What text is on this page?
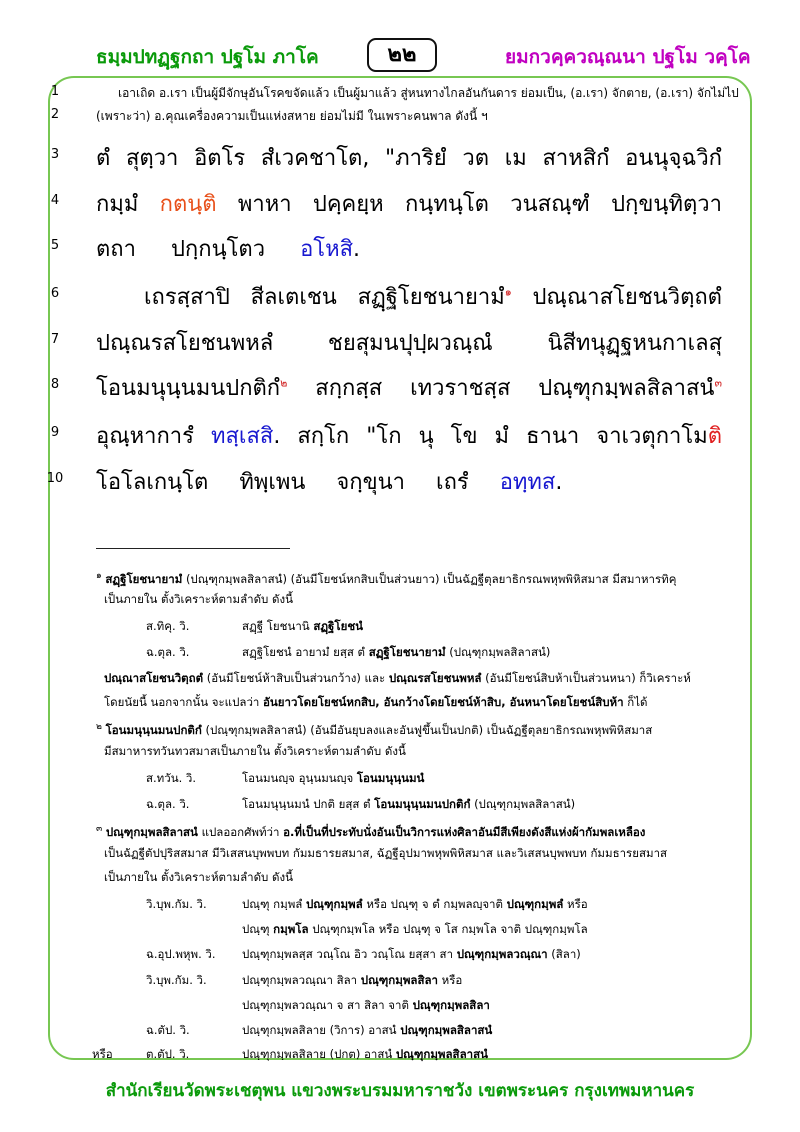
ธมฺมปทฏฺฐกถา ปฐโม ภาโค	๒๒	ยมกวคฺควณฺณนา ปฐโม วคฺโค
1
2
3
4
5
6
7
8
9
10
เอาเถิด อ.เรา เป็นผู้มีจักษุอันโรคขจัดแล้ว เป็นผู้มาแล้ว สู่หนทางไกลอันกันดาร ย่อมเป็น, (อ.เรา) จักตาย, (อ.เรา) จักไม่ไป
(เพราะว่า) อ.คุณเครื่องความเป็นแห่งสหาย ย่อมไม่มี ในเพราะคนพาล ดังนี้ ฯ
ตํ สุตฺวา อิตโร สํเวคชาโต, "ภาริยํ วต เม สาหสิกํ อนนุจฺฉวิกํ
กมฺมํ กตนฺติ พาหา ปคฺคยฺห กนฺทนฺโต วนสณฺฑํ ปกฺขนฺทิตฺวา
ตถา ปกฺกนฺโตว อโหสิ.
เถรสฺสาปิ สีลเตเชน สฏฺฐิโยชนายามํ$^๑$ ปณฺณาสโยชนวิตฺถตํ
ปณฺณรสโยชนพหลํ ชยสุมนปุปฺผวณฺณํ นิสีทนุฏฺฐหนกาเลสุ
โอนมนุนฺนมนปกติกํ$^๒$ สกฺกสฺส เทวราชสฺส ปณฺฑุกมฺพลสิลาสนํ$^๓$
อุณฺหาการํ ทสฺเสสิ. สกฺโก "โก นุ โข มํ ธานา จาเวตุกาโมติ
โอโลเกนฺโต ทิพฺเพน จกฺขุนา เถรํ อทฺทส.
$^๑$ สฏฺฐิโยชนายามํ (ปณฺฑุกมฺพลสิลาสนํ) (อันมีโยชน์หกสิบเป็นส่วนยาว) เป็นฉัฏฐีตุลยาธิกรณพหุพพิหิสมาส มีสมาหารทิคุ
เป็นภายใน ตั้งวิเคราะห์ตามลำดับ ดังนี้
ส.ทิคุ. วิ.	สฏฺฐี โยชนานิ สฏฺฐิโยชนํ
ฉ.ตุล. วิ.	สฏฺฐิโยชนํ อายามํ ยสฺส ตํ สฏฺฐิโยชนายามํ (ปณฺฑุกมฺพลสิลาสนํ)
ปณฺณาสโยชนวิตฺถตํ (อันมีโยชน์ห้าสิบเป็นส่วนกว้าง) และ ปณฺณรสโยชนพหลํ (อันมีโยชน์สิบห้าเป็นส่วนหนา) ก็วิเคราะห์
โดยนัยนี้ นอกจากนั้น จะแปลว่า อันยาวโดยโยชน์หกสิบ, อันกว้างโดยโยชน์ห้าสิบ, อันหนาโดยโยชน์สิบห้า ก็ได้
$^๒$ โอนมนุนฺนมนปกติกํ (ปณฺฑุกมฺพลสิลาสนํ) (อันมีอันยุบลงและอันฟูขึ้นเป็นปกติ) เป็นฉัฏฐีตุลยาธิกรณพหุพพิหิสมาส
มีสมาหารทวันทวสมาสเป็นภายใน ตั้งวิเคราะห์ตามลำดับ ดังนี้
ส.ทวัน. วิ.	โอนมนญฺจ อุนฺนมนญฺจ โอนมนุนฺนมนํ
ฉ.ตุล. วิ.	โอนมนุนฺนมนํ ปกติ ยสฺส ตํ โอนมนุนฺนมนปกติกํ (ปณฺฑุกมฺพลสิลาสนํ)
$^๓$ ปณฺฑุกมฺพลสิลาสนํ แปลออกศัพท์ว่า อ.ที่เป็นที่ประทับนั่งอันเป็นวิการแห่งศิลาอันมีสีเพียงดังสีแห่งผ้ากัมพลเหลือง
เป็นฉัฏฐีตัปปุริสสมาส มีวิเสสนบุพพบท กัมมธารยสมาส, ฉัฏฐีอุปมาพหุพพิหิสมาส และวิเสสนบุพพบท กัมมธารยสมาส
เป็นภายใน ตั้งวิเคราะห์ตามลำดับ ดังนี้
วิ.บุพ.กัม. วิ.	ปณฺฑุ กมฺพลํ ปณฺฑุกมฺพลํ หรือ ปณฺฑุ จ ตํ กมฺพลญฺจาติ ปณฺฑุกมฺพลํ หรือ
ปณฺฑุ กมฺพโล ปณฺฑุกมฺพโล หรือ ปณฺฑุ จ โส กมฺพโล จาติ ปณฺฑุกมฺพโล
ฉ.อุป.พหุพ. วิ. ปณฺฑุกมฺพลสฺส วณฺโณ อิว วณฺโณ ยสฺสา สา ปณฺฑุกมฺพลวณฺณา (สิลา)
วิ.บุพ.กัม. วิ.	ปณฺฑุกมฺพลวณฺณา สิลา ปณฺฑุกมฺพลสิลา หรือ
ปณฺฑุกมฺพลวณฺณา จ สา สิลา จาติ ปณฺฑุกมฺพลสิลา
ฉ.ตัป. วิ.	ปณฺฑุกมฺพลสิลาย (วิการ) อาสนํ ปณฺฑุกมฺพลสิลาสนํ
หรือ	ต.ตัป. วิ.	ปณฺฑุกมฺพลสิลาย (ปกต) อาสนํ ปณฺฑุกมฺพลสิลาสนํ
สำนักเรียนวัดพระเชตุพน แขวงพระบรมมหาราชวัง เขตพระนคร กรุงเทพมหานคร
